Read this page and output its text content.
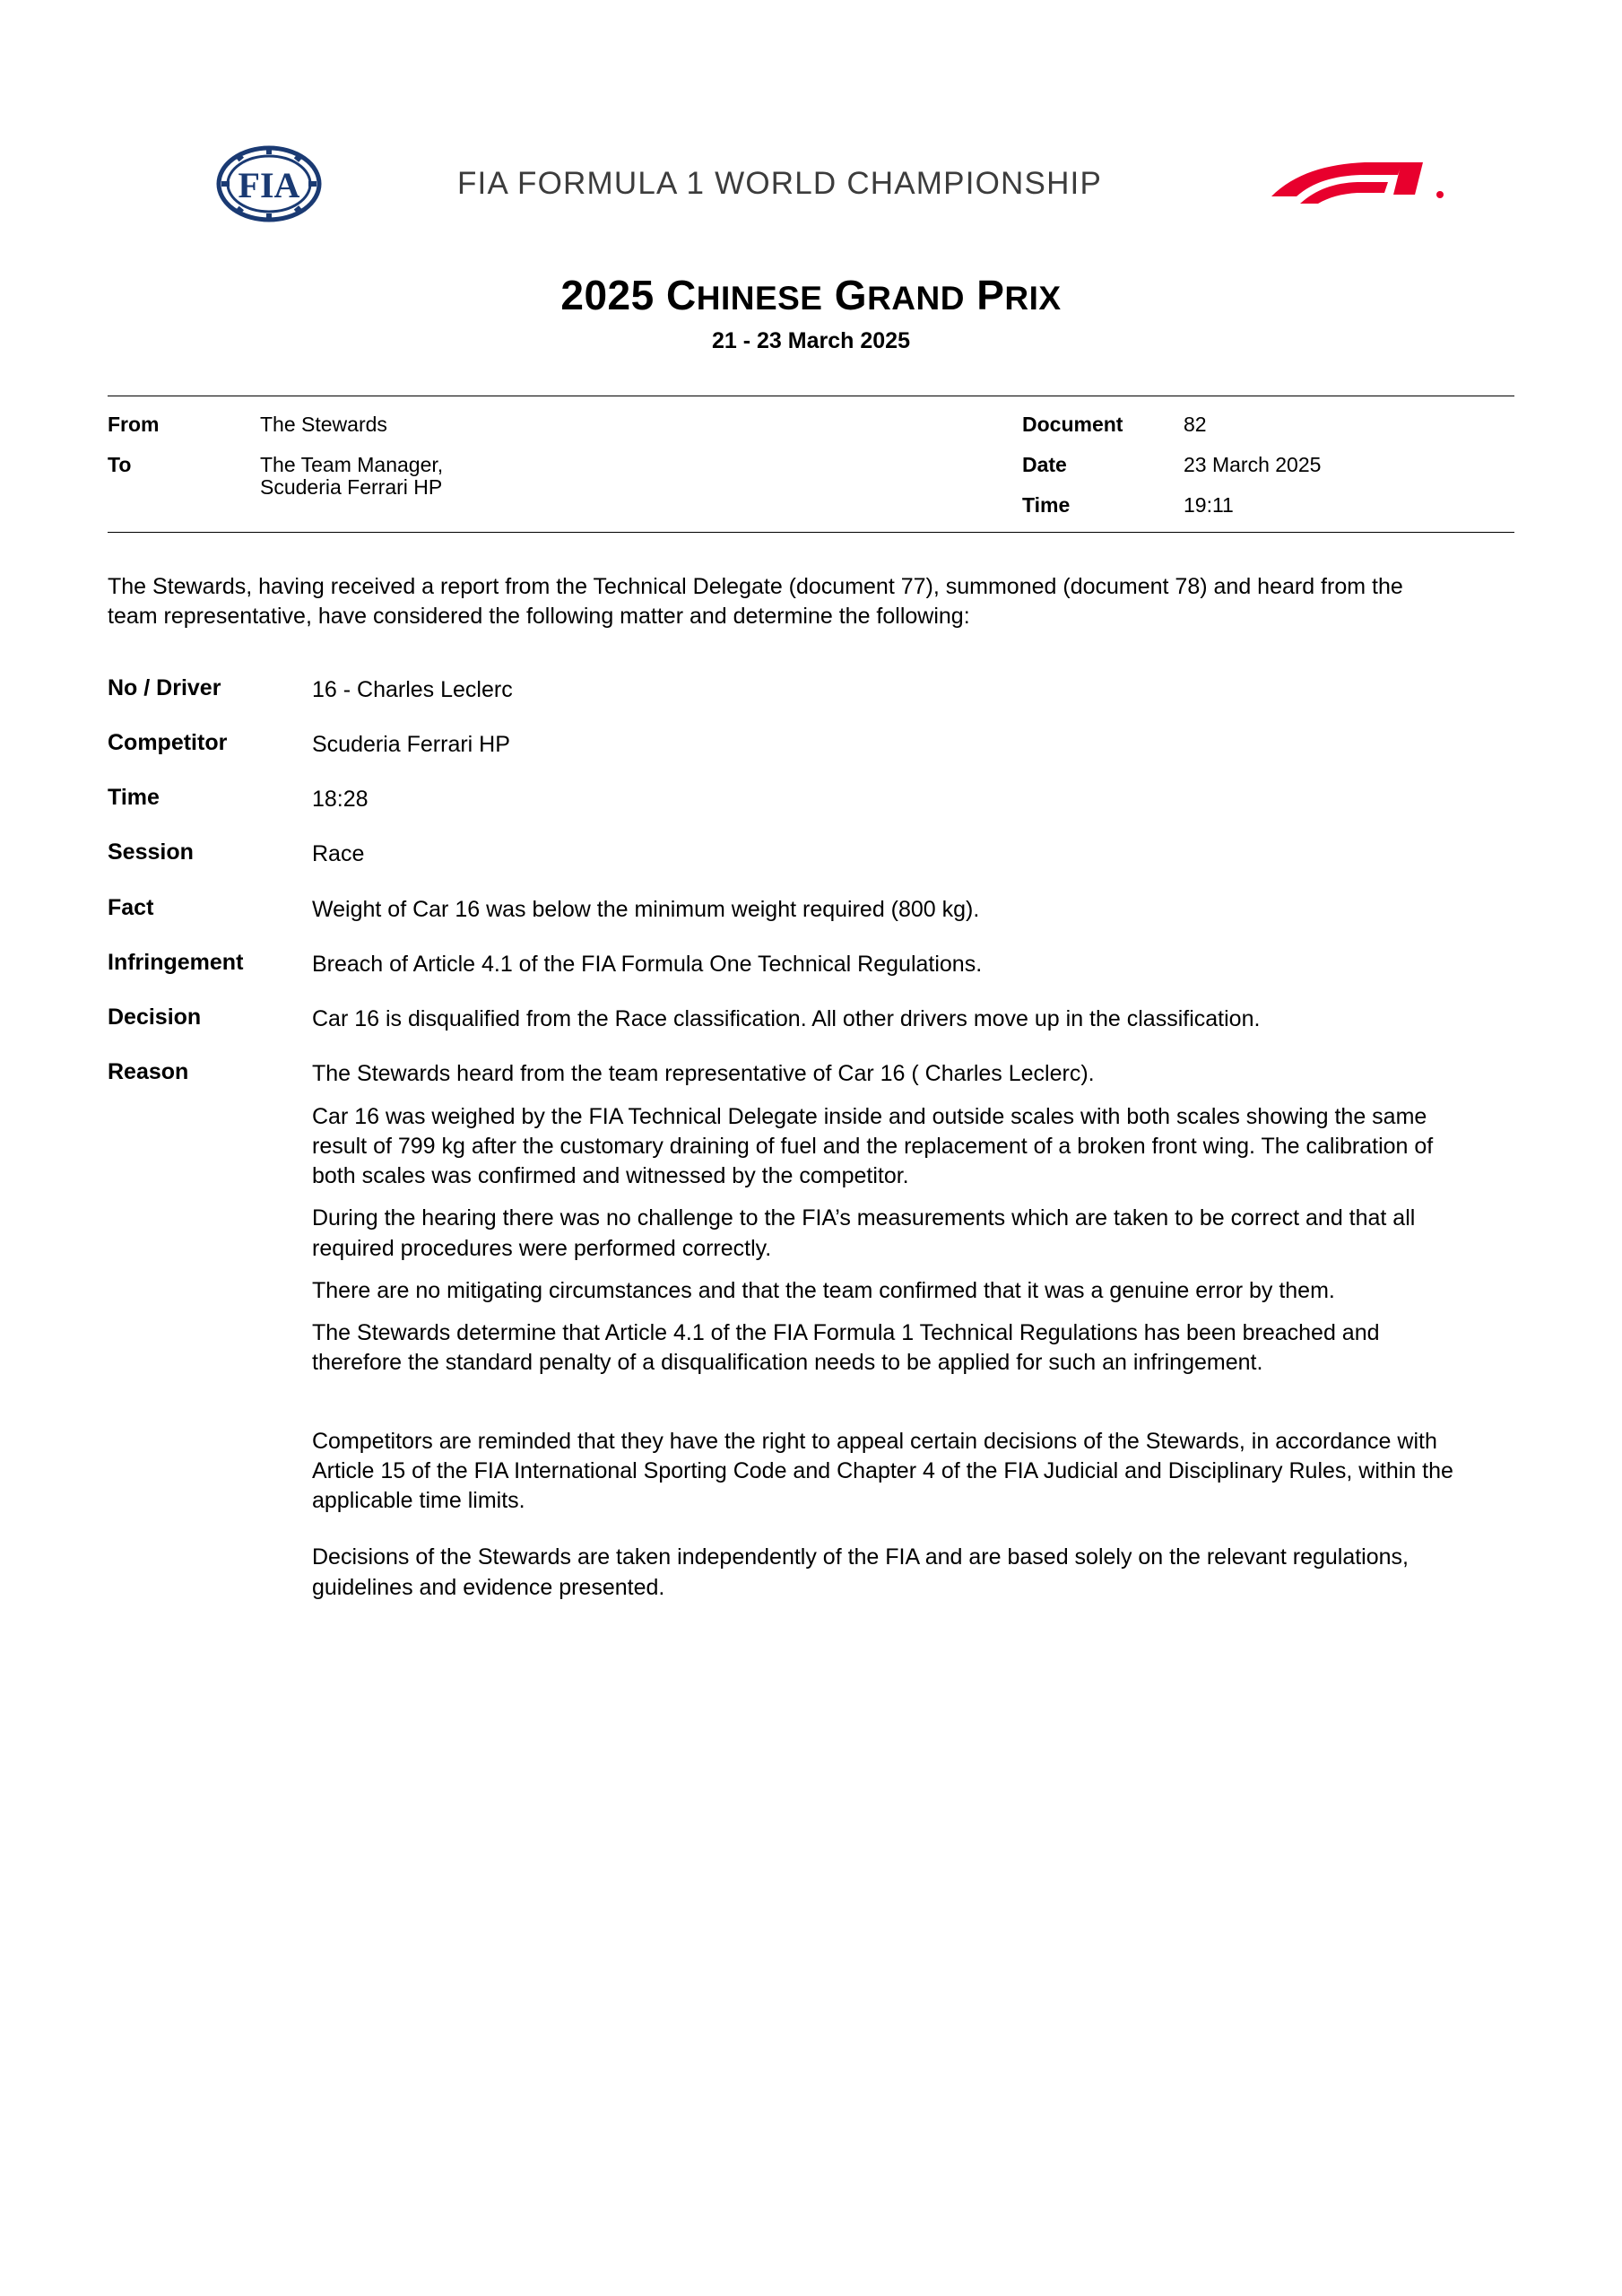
FIA	FIA FORMULA 1 WORLD CHAMPIONSHIP
2025 CHINESE GRAND PRIX
21 - 23 March 2025
From	The Stewards
To	The Team Manager,
Scuderia Ferrari HP
Document	82
Date	23 March 2025
Time	19:11
The Stewards, having received a report from the Technical Delegate (document 77), summoned (document 78) and heard from the team representative, have considered the following matter and determine the following:
No / Driver	16 - Charles Leclerc

Competitor	Scuderia Ferrari HP

Time	18:28

Session	Race

Fact	Weight of Car 16 was below the minimum weight required (800 kg).

Infringement	Breach of Article 4.1 of the FIA Formula One Technical Regulations.

Decision	Car 16 is disqualified from the Race classification. All other drivers move up in the classification.

Reason	The Stewards heard from the team representative of Car 16 ( Charles Leclerc).

Car 16 was weighed by the FIA Technical Delegate inside and outside scales with both scales showing the same result of 799 kg after the customary draining of fuel and the replacement of a broken front wing. The calibration of both scales was confirmed and witnessed by the competitor.

During the hearing there was no challenge to the FIA’s measurements which are taken to be correct and that all required procedures were performed correctly.

There are no mitigating circumstances and that the team confirmed that it was a genuine error by them.

The Stewards determine that Article 4.1 of the FIA Formula 1 Technical Regulations has been breached and therefore the standard penalty of a disqualification needs to be applied for such an infringement.

Competitors are reminded that they have the right to appeal certain decisions of the Stewards, in accordance with Article 15 of the FIA International Sporting Code and Chapter 4 of the FIA Judicial and Disciplinary Rules, within the applicable time limits.

Decisions of the Stewards are taken independently of the FIA and are based solely on the relevant regulations, guidelines and evidence presented.
